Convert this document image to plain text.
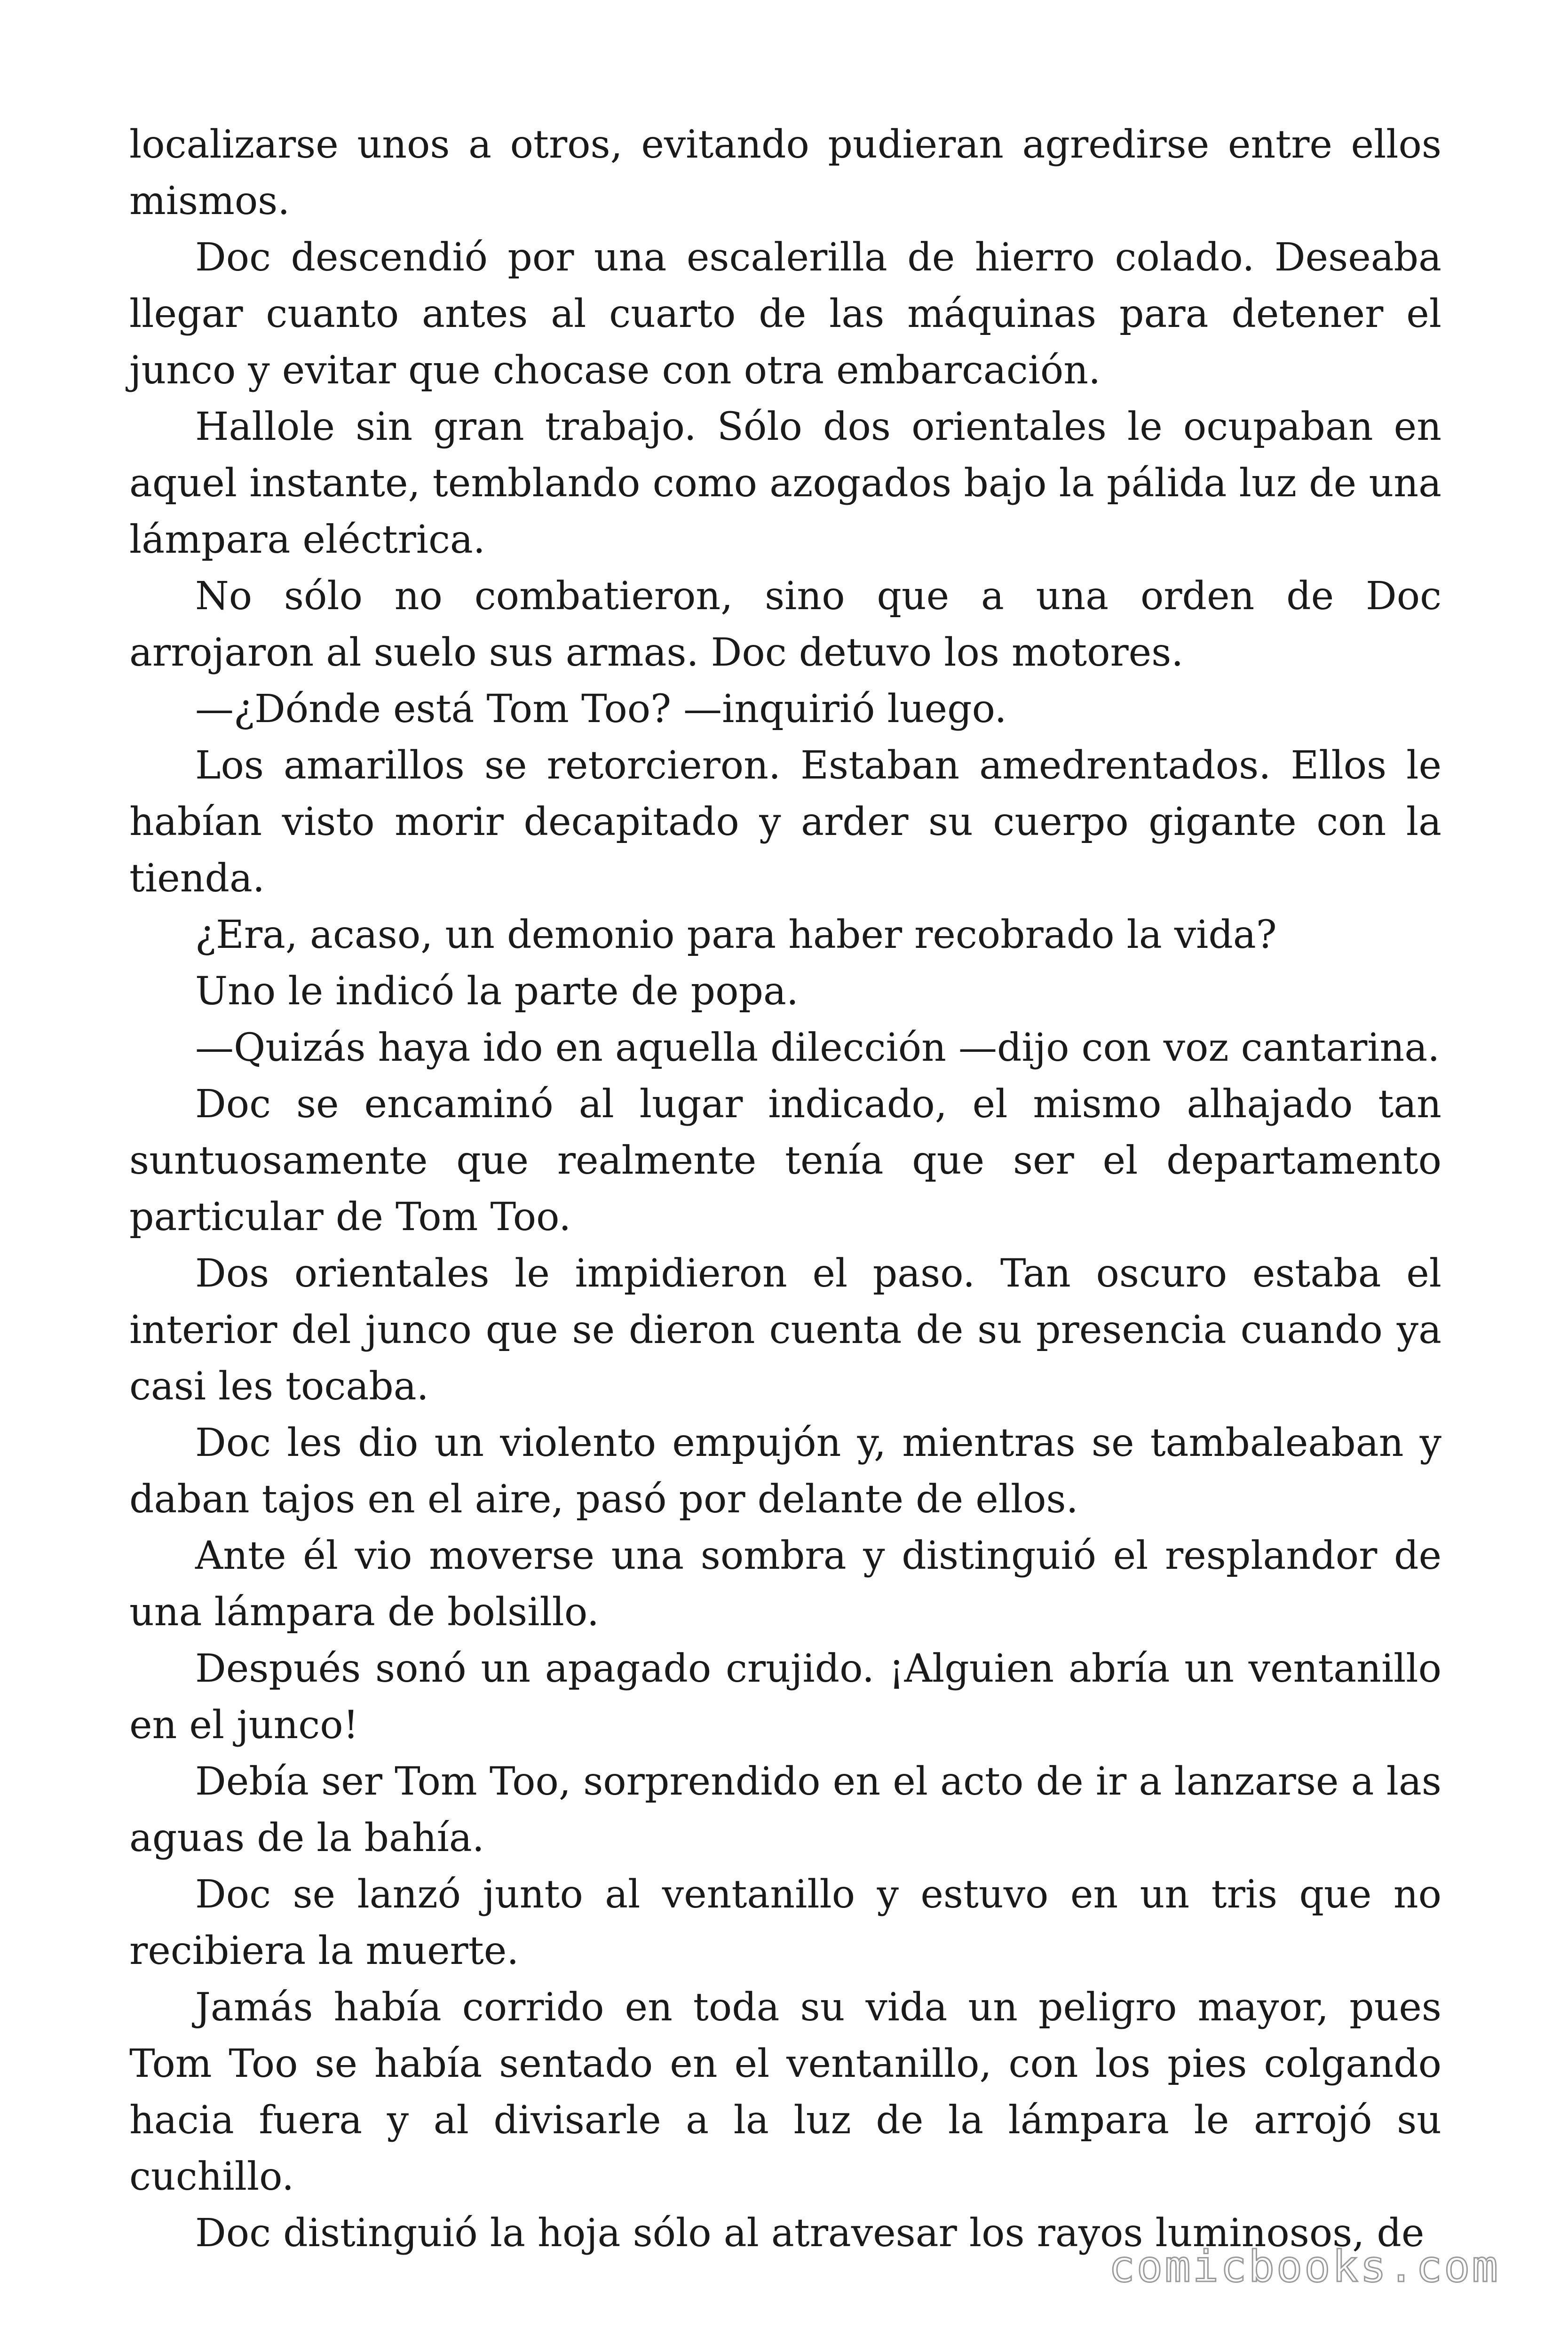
localizarse unos a otros, evitando pudieran agredirse entre ellos mismos.

Doc descendió por una escalerilla de hierro colado. Deseaba llegar cuanto antes al cuarto de las máquinas para detener el junco y evitar que chocase con otra embarcación.

Hallole sin gran trabajo. Sólo dos orientales le ocupaban en aquel instante, temblando como azogados bajo la pálida luz de una lámpara eléctrica.

No sólo no combatieron, sino que a una orden de Doc arrojaron al suelo sus armas. Doc detuvo los motores.

—¿Dónde está Tom Too? —inquirió luego.

Los amarillos se retorcieron. Estaban amedrentados. Ellos le habían visto morir decapitado y arder su cuerpo gigante con la tienda.

¿Era, acaso, un demonio para haber recobrado la vida?

Uno le indicó la parte de popa.

—Quizás haya ido en aquella dilección —dijo con voz cantarina.

Doc se encaminó al lugar indicado, el mismo alhajado tan suntuosamente que realmente tenía que ser el departamento particular de Tom Too.

Dos orientales le impidieron el paso. Tan oscuro estaba el interior del junco que se dieron cuenta de su presencia cuando ya casi les tocaba.

Doc les dio un violento empujón y, mientras se tambaleaban y daban tajos en el aire, pasó por delante de ellos.

Ante él vio moverse una sombra y distinguió el resplandor de una lámpara de bolsillo.

Después sonó un apagado crujido. ¡Alguien abría un ventanillo en el junco!

Debía ser Tom Too, sorprendido en el acto de ir a lanzarse a las aguas de la bahía.

Doc se lanzó junto al ventanillo y estuvo en un tris que no recibiera la muerte.

Jamás había corrido en toda su vida un peligro mayor, pues Tom Too se había sentado en el ventanillo, con los pies colgando hacia fuera y al divisarle a la luz de la lámpara le arrojó su cuchillo.

Doc distinguió la hoja sólo al atravesar los rayos luminosos, de

comicbooks.com
